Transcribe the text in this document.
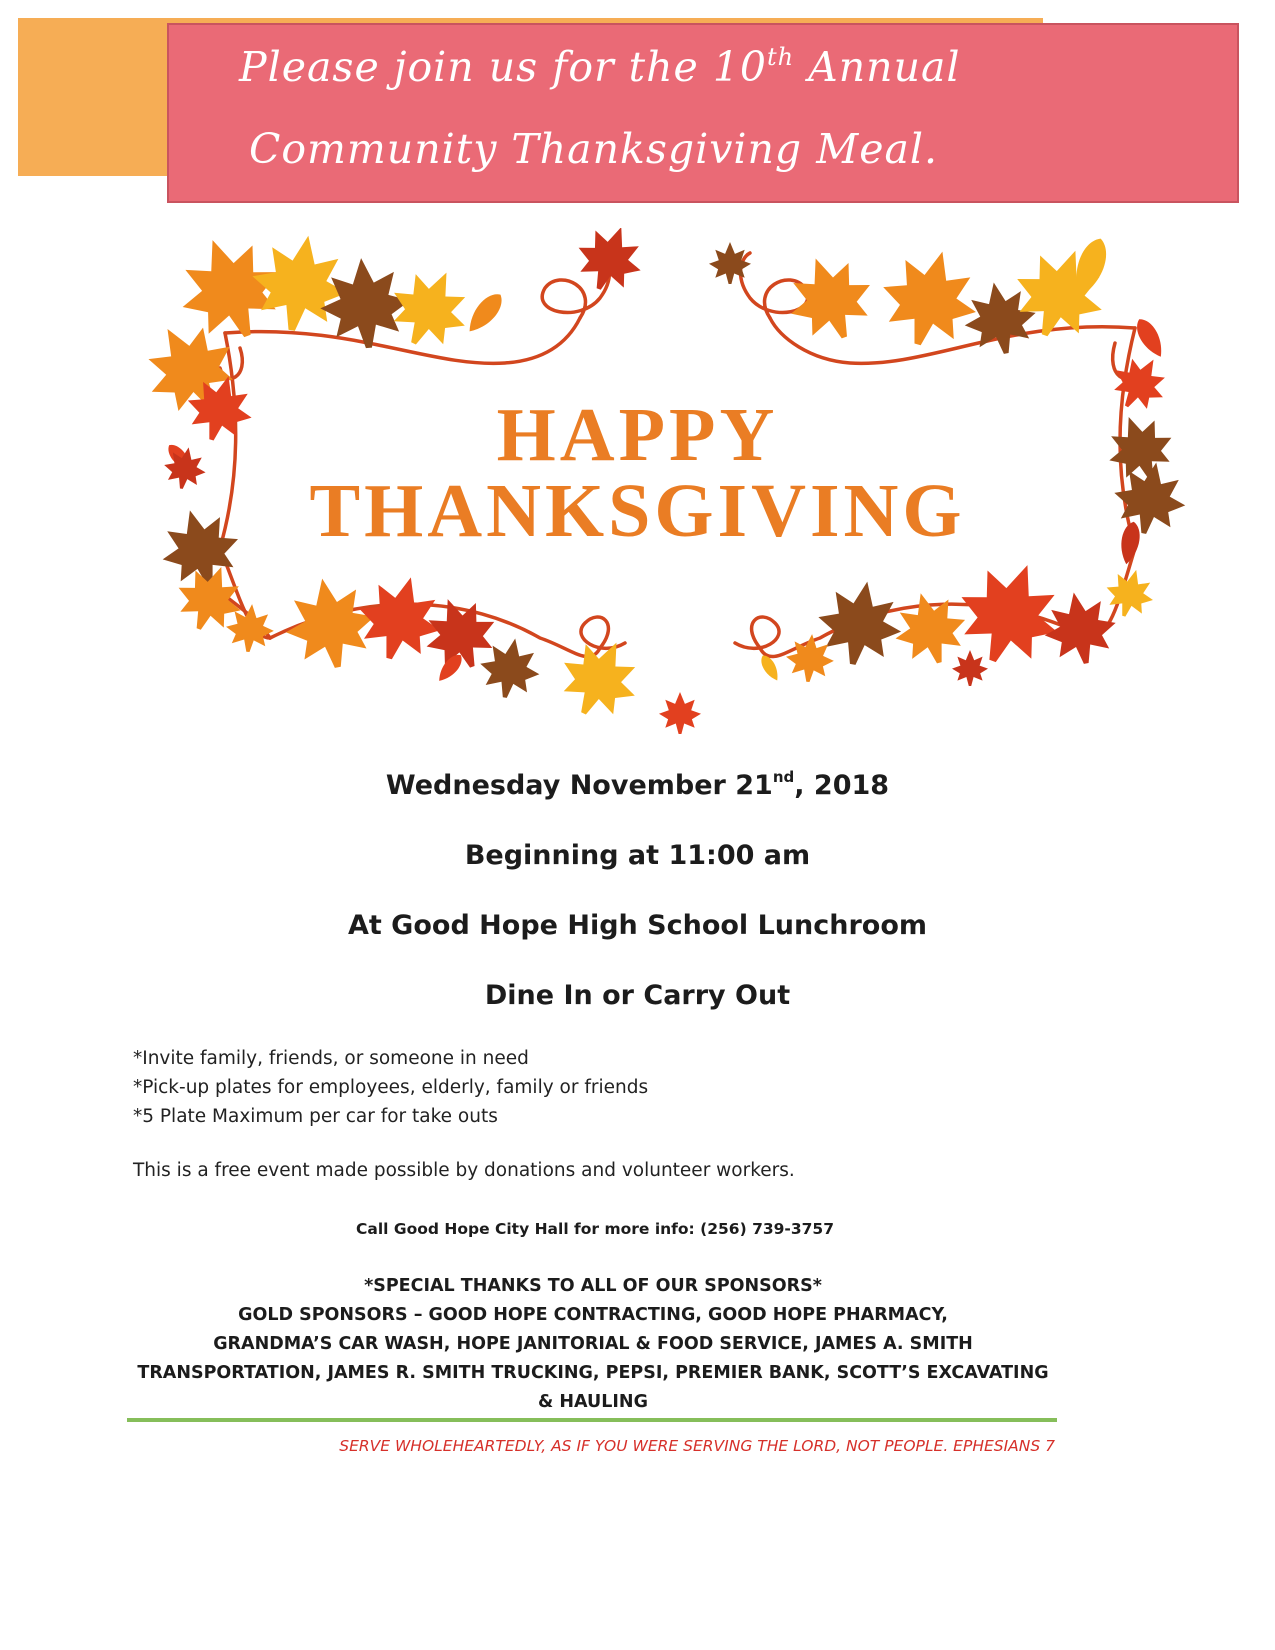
Please join us for the 10th Annual

Community Thanksgiving Meal.

HAPPY
THANKSGIVING

Wednesday November 21nd, 2018

Beginning at 11:00 am

At Good Hope High School Lunchroom

Dine In or Carry Out

*Invite family, friends, or someone in need
*Pick-up plates for employees, elderly, family or friends
*5 Plate Maximum per car for take outs

This is a free event made possible by donations and volunteer workers.

Call Good Hope City Hall for more info: (256) 739-3757

*SPECIAL THANKS TO ALL OF OUR SPONSORS*
GOLD SPONSORS – GOOD HOPE CONTRACTING, GOOD HOPE PHARMACY,
GRANDMA’S CAR WASH, HOPE JANITORIAL & FOOD SERVICE, JAMES A. SMITH
TRANSPORTATION, JAMES R. SMITH TRUCKING, PEPSI, PREMIER BANK, SCOTT’S EXCAVATING
& HAULING

SERVE WHOLEHEARTEDLY, AS IF YOU WERE SERVING THE LORD, NOT PEOPLE. EPHESIANS 7
